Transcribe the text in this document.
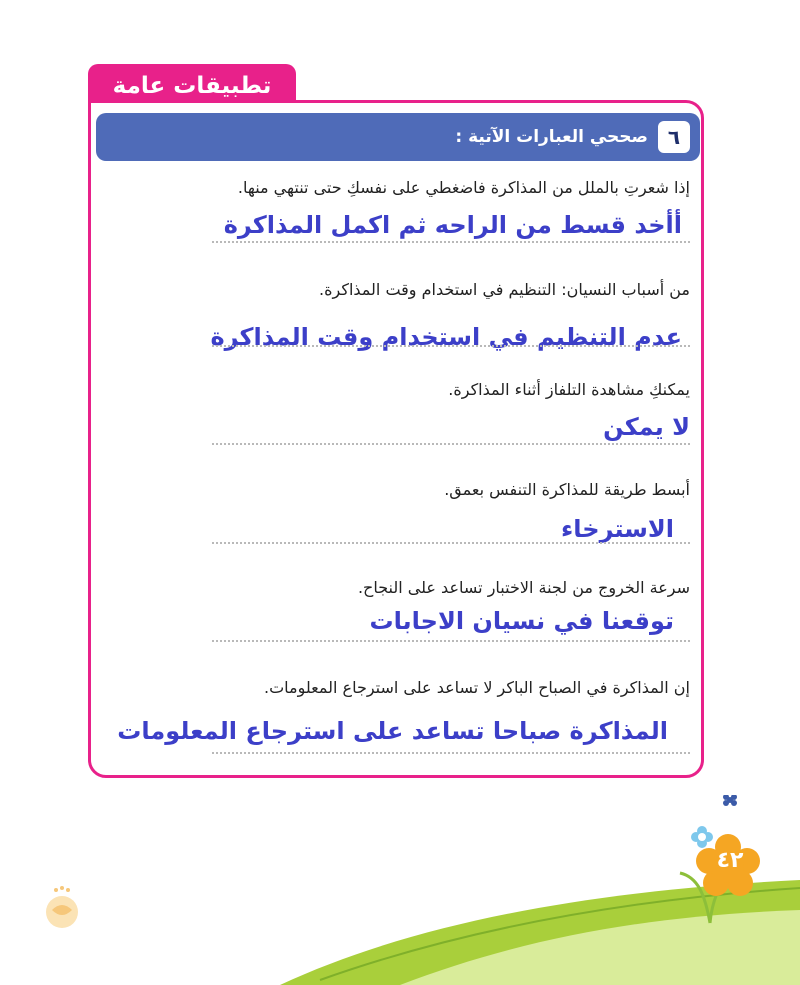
تطبيقات عامة
٦
صححي العبارات الآتية :
إذا شعرتِ بالملل من المذاكرة فاضغطي على نفسكِ حتى تنتهي منها.
أأخد قسط من الراحه ثم اكمل المذاكرة
من أسباب النسيان: التنظيم في استخدام وقت المذاكرة.
عدم التنظيم في استخدام وقت المذاكرة
يمكنكِ مشاهدة التلفاز أثناء المذاكرة.
لا يمكن
أبسط طريقة للمذاكرة التنفس بعمق.
الاسترخاء
سرعة الخروج من لجنة الاختبار تساعد على النجاح.
توقعنا في نسيان الاجابات
إن المذاكرة في الصباح الباكر لا تساعد على استرجاع المعلومات.
المذاكرة صباحا تساعد على استرجاع المعلومات
٤٢
